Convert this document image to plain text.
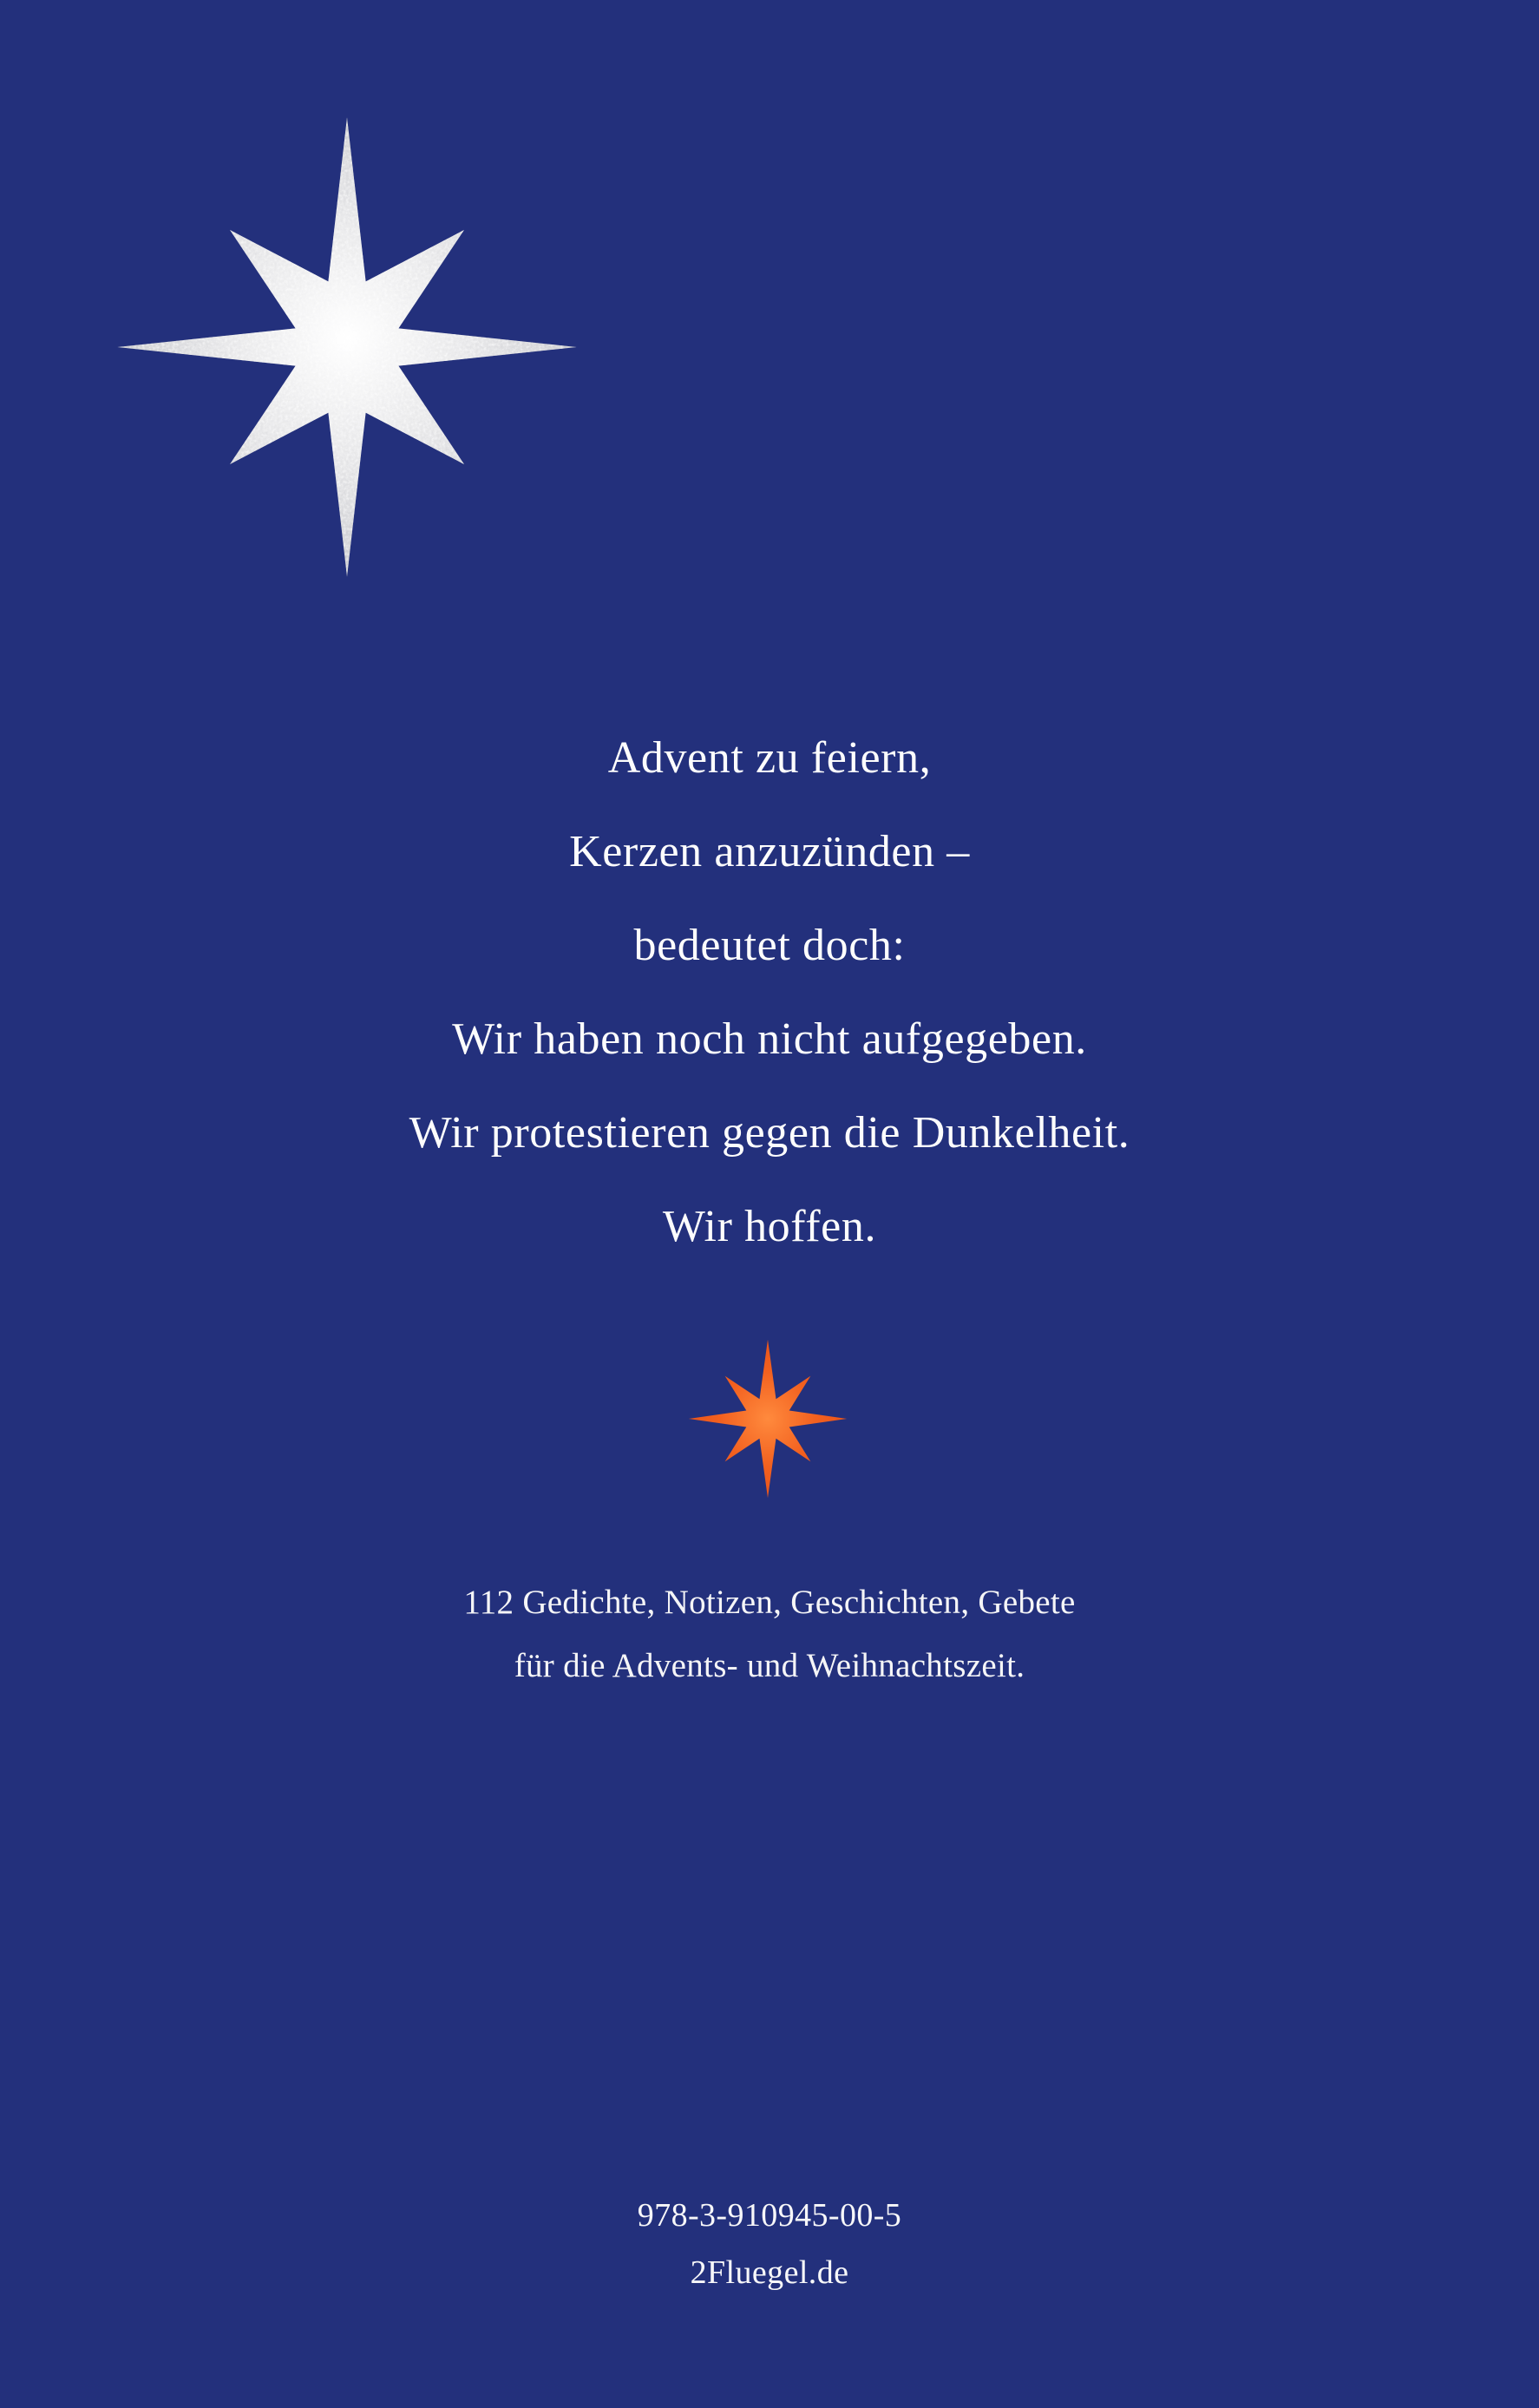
Advent zu feiern,
Kerzen anzuzünden –
bedeutet doch:
Wir haben noch nicht aufgegeben.
Wir protestieren gegen die Dunkelheit.
Wir hoffen.
112 Gedichte, Notizen, Geschichten, Gebete
für die Advents- und Weihnachtszeit.
978-3-910945-00-5
2Fluegel.de
